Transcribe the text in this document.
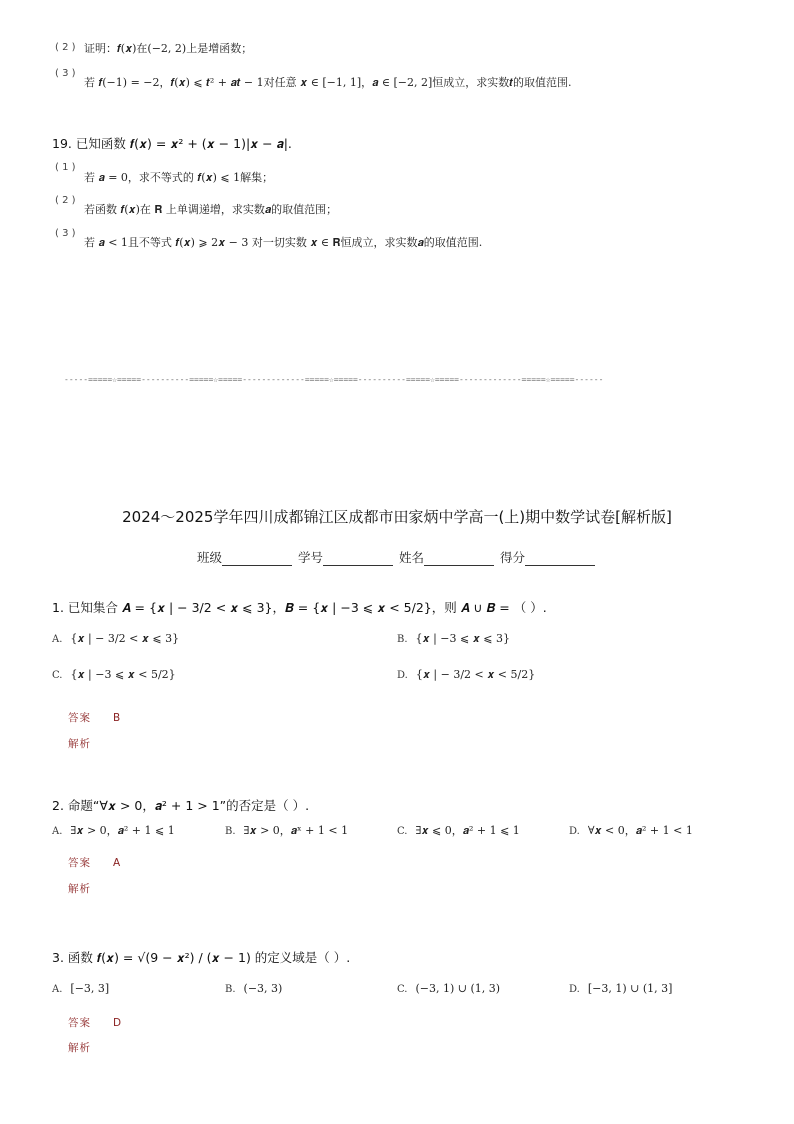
( 2 ) 证明：𝒇(𝒙)在(−2, 2)上是增函数；
( 3 )
若 𝒇(−1) = −2，𝒇(𝒙) ⩽ 𝒕² + 𝒂𝒕 − 1对任意 𝒙 ∈ [−1, 1]，𝒂 ∈ [−2, 2]恒成立，求实数𝒕的取值范围.
19. 已知函数 𝒇(𝒙) = 𝒙² + (𝒙 − 1)|𝒙 − 𝒂|.
( 1 )
若 𝒂 = 0，求不等式的 𝒇(𝒙) ⩽ 1解集；
( 2 )
若函数 𝒇(𝒙)在 𝐑 上单调递增，求实数𝒂的取值范围；
( 3 )
若 𝒂 < 1且不等式 𝒇(𝒙) ⩾ 2𝒙 − 3 对一切实数 𝒙 ∈ 𝐑恒成立，求实数𝒂的取值范围.
-----=====☆=====----------=====☆=====-------------=====☆=====----------=====☆=====-------------=====☆=====------
2024～2025学年四川成都锦江区成都市田家炳中学高一(上)期中数学试卷[解析版]
班级	学号	姓名	得分
1. 已知集合 𝑨 = {𝒙 | − 3/2 < 𝒙 ⩽ 3}，𝑩 = {𝒙 | −3 ⩽ 𝒙 < 5/2}，则 𝑨 ∪ 𝑩 = （ ）.
A. {𝒙 | − 3/2 < 𝒙 ⩽ 3}	B. {𝒙 | −3 ⩽ 𝒙 ⩽ 3}
C. {𝒙 | −3 ⩽ 𝒙 < 5/2}	D. {𝒙 | − 3/2 < 𝒙 < 5/2}
答案 B
解析
2. 命题“∀𝒙 > 0，𝒂² + 1 > 1”的否定是（ ）.
A. ∃𝒙 > 0，𝒂² + 1 ⩽ 1	B. ∃𝒙 > 0，𝒂ˣ + 1 < 1	C. ∃𝒙 ⩽ 0，𝒂² + 1 ⩽ 1	D. ∀𝒙 < 0，𝒂² + 1 < 1
答案 A
解析
3. 函数 𝒇(𝒙) = √(9 − 𝒙²) / (𝒙 − 1) 的定义域是（ ）.
A. [−3, 3]	B. (−3, 3)	C. (−3, 1) ∪ (1, 3)	D. [−3, 1) ∪ (1, 3]
答案 D
解析
